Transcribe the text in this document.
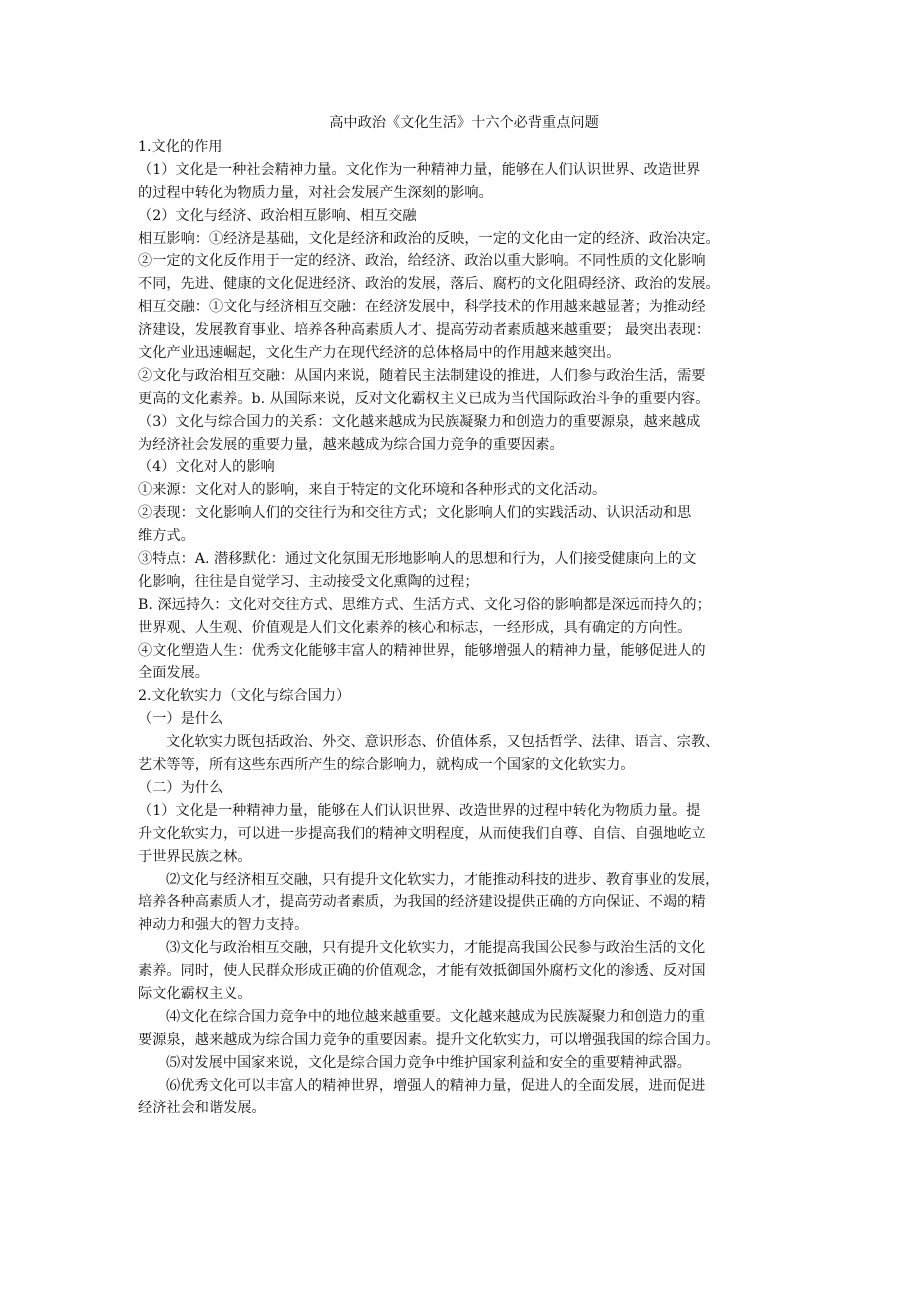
高中政治《文化生活》十六个必背重点问题
1.文化的作用
（1）文化是一种社会精神力量。文化作为一种精神力量，能够在人们认识世界、改造世界
的过程中转化为物质力量，对社会发展产生深刻的影响。
（2）文化与经济、政治相互影响、相互交融
相互影响：①经济是基础，文化是经济和政治的反映，一定的文化由一定的经济、政治决定。
②一定的文化反作用于一定的经济、政治，给经济、政治以重大影响。不同性质的文化影响
不同，先进、健康的文化促进经济、政治的发展，落后、腐朽的文化阻碍经济、政治的发展。
相互交融：①文化与经济相互交融：在经济发展中，科学技术的作用越来越显著；为推动经
济建设，发展教育事业、培养各种高素质人才、提高劳动者素质越来越重要； 最突出表现：
文化产业迅速崛起，文化生产力在现代经济的总体格局中的作用越来越突出。
②文化与政治相互交融：从国内来说，随着民主法制建设的推进，人们参与政治生活，需要
更高的文化素养。b. 从国际来说，反对文化霸权主义已成为当代国际政治斗争的重要内容。
（3）文化与综合国力的关系：文化越来越成为民族凝聚力和创造力的重要源泉，越来越成
为经济社会发展的重要力量，越来越成为综合国力竞争的重要因素。
（4）文化对人的影响
①来源：文化对人的影响，来自于特定的文化环境和各种形式的文化活动。
②表现：文化影响人们的交往行为和交往方式；文化影响人们的实践活动、认识活动和思
维方式。
③特点：A. 潜移默化：通过文化氛围无形地影响人的思想和行为，人们接受健康向上的文
化影响，往往是自觉学习、主动接受文化熏陶的过程；
B. 深远持久：文化对交往方式、思维方式、生活方式、文化习俗的影响都是深远而持久的；
世界观、人生观、价值观是人们文化素养的核心和标志，一经形成，具有确定的方向性。
④文化塑造人生：优秀文化能够丰富人的精神世界，能够增强人的精神力量，能够促进人的
全面发展。
2.文化软实力（文化与综合国力）
（一）是什么
文化软实力既包括政治、外交、意识形态、价值体系，又包括哲学、法律、语言、宗教、
艺术等等，所有这些东西所产生的综合影响力，就构成一个国家的文化软实力。
（二）为什么
（1）文化是一种精神力量，能够在人们认识世界、改造世界的过程中转化为物质力量。提
升文化软实力，可以进一步提高我们的精神文明程度，从而使我们自尊、自信、自强地屹立
于世界民族之林。
⑵文化与经济相互交融，只有提升文化软实力，才能推动科技的进步、教育事业的发展，
培养各种高素质人才，提高劳动者素质，为我国的经济建设提供正确的方向保证、不竭的精
神动力和强大的智力支持。
⑶文化与政治相互交融，只有提升文化软实力，才能提高我国公民参与政治生活的文化
素养。同时，使人民群众形成正确的价值观念，才能有效抵御国外腐朽文化的渗透、反对国
际文化霸权主义。
⑷文化在综合国力竞争中的地位越来越重要。文化越来越成为民族凝聚力和创造力的重
要源泉，越来越成为综合国力竞争的重要因素。提升文化软实力，可以增强我国的综合国力。
⑸对发展中国家来说，文化是综合国力竞争中维护国家利益和安全的重要精神武器。
⑹优秀文化可以丰富人的精神世界，增强人的精神力量，促进人的全面发展，进而促进
经济社会和谐发展。
